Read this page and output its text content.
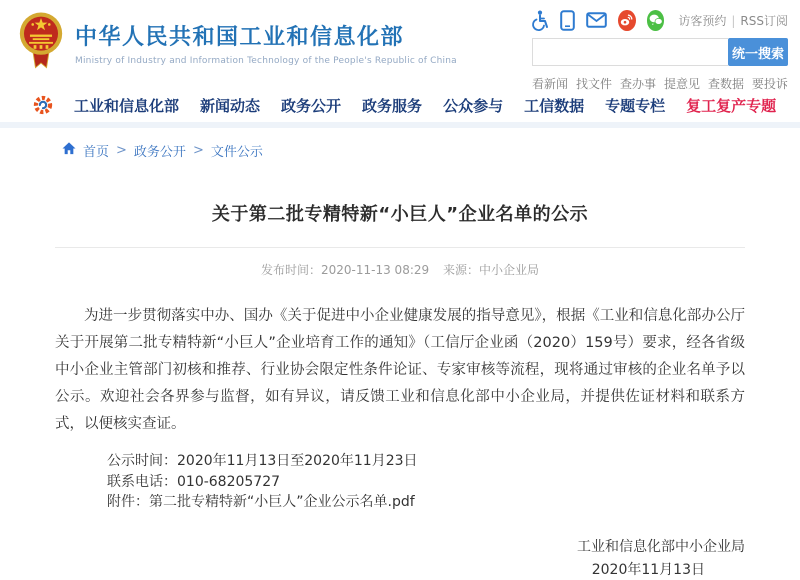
中华人民共和国工业和信息化部
Ministry of Industry and Information Technology of the People's Republic of China
访客预约 | RSS订阅
统一搜索
看新闻 找文件 查办事 提意见 查数据 要投诉
工业和信息化部 新闻动态 政务公开 政务服务 公众参与 工信数据 专题专栏 复工复产专题
首页 > 政务公开 > 文件公示
关于第二批专精特新“小巨人”企业名单的公示
发布时间：2020-11-13 08:29 来源：中小企业局
为进一步贯彻落实中办、国办《关于促进中小企业健康发展的指导意见》，根据《工业和信息化部办公厅关于开展第二批专精特新“小巨人”企业培育工作的通知》（工信厅企业函（2020）159号）要求，经各省级中小企业主管部门初核和推荐、行业协会限定性条件论证、专家审核等流程，现将通过审核的企业名单予以公示。欢迎社会各界参与监督，如有异议，请反馈工业和信息化部中小企业局，并提供佐证材料和联系方式，以便核实查证。
公示时间：2020年11月13日至2020年11月23日
联系电话：010-68205727
附件：第二批专精特新“小巨人”企业公示名单.pdf
工业和信息化部中小企业局
2020年11月13日
